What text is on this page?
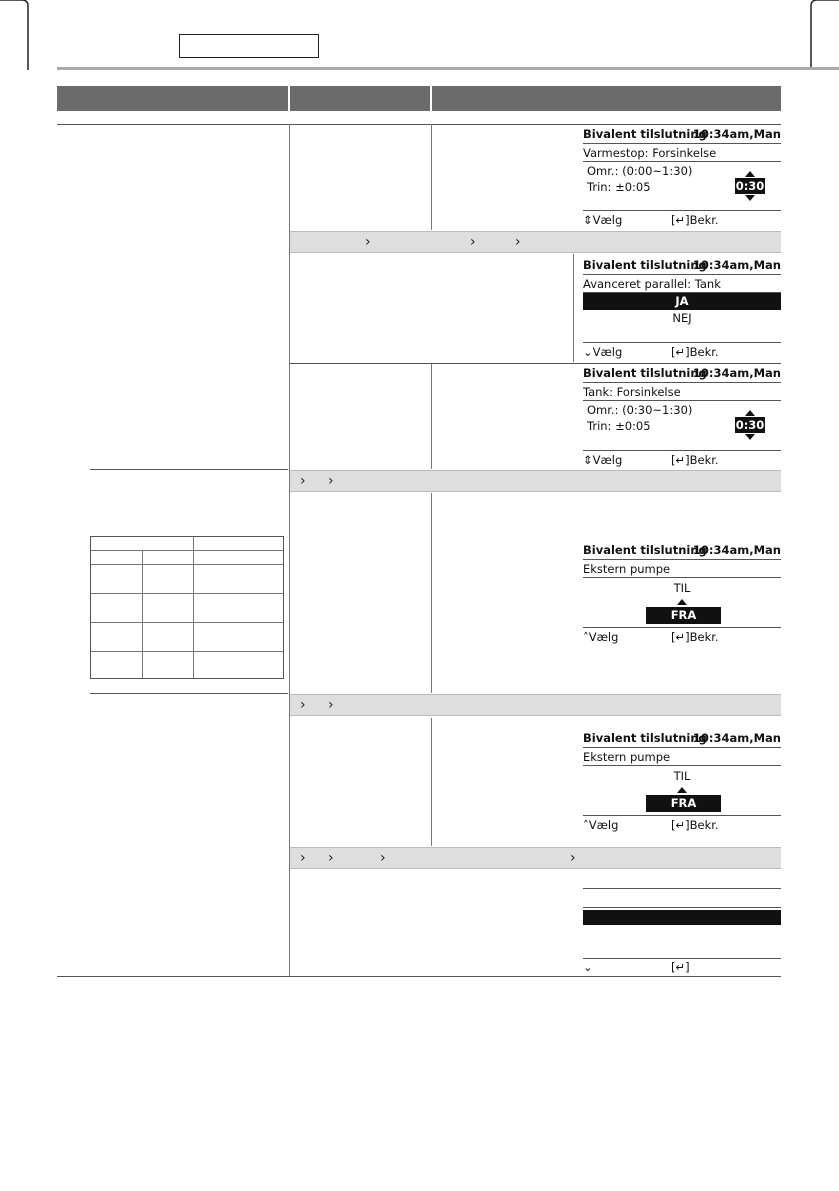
›	›	›
› ›
› ›
› ›	›	›
Bivalent tilslutning
10:34am,Man
Varmestop: Forsinkelse
Omr.: (0:00~1:30)
Trin: ±0:05	0:30
⇕Vælg	[↵]Bekr.
Bivalent tilslutning
10:34am,Man
Avanceret parallel: Tank
JA
NEJ
⌄Vælg	[↵]Bekr.
Bivalent tilslutning
10:34am,Man
Tank: Forsinkelse
Omr.: (0:30~1:30)
Trin: ±0:05	0:30
⇕Vælg	[↵]Bekr.
Bivalent tilslutning
10:34am,Man
Ekstern pumpe
TIL
FRA
˄Vælg	[↵]Bekr.
Bivalent tilslutning
10:34am,Man
Ekstern pumpe
TIL
FRA
˄Vælg	[↵]Bekr.
⌄	[↵]
